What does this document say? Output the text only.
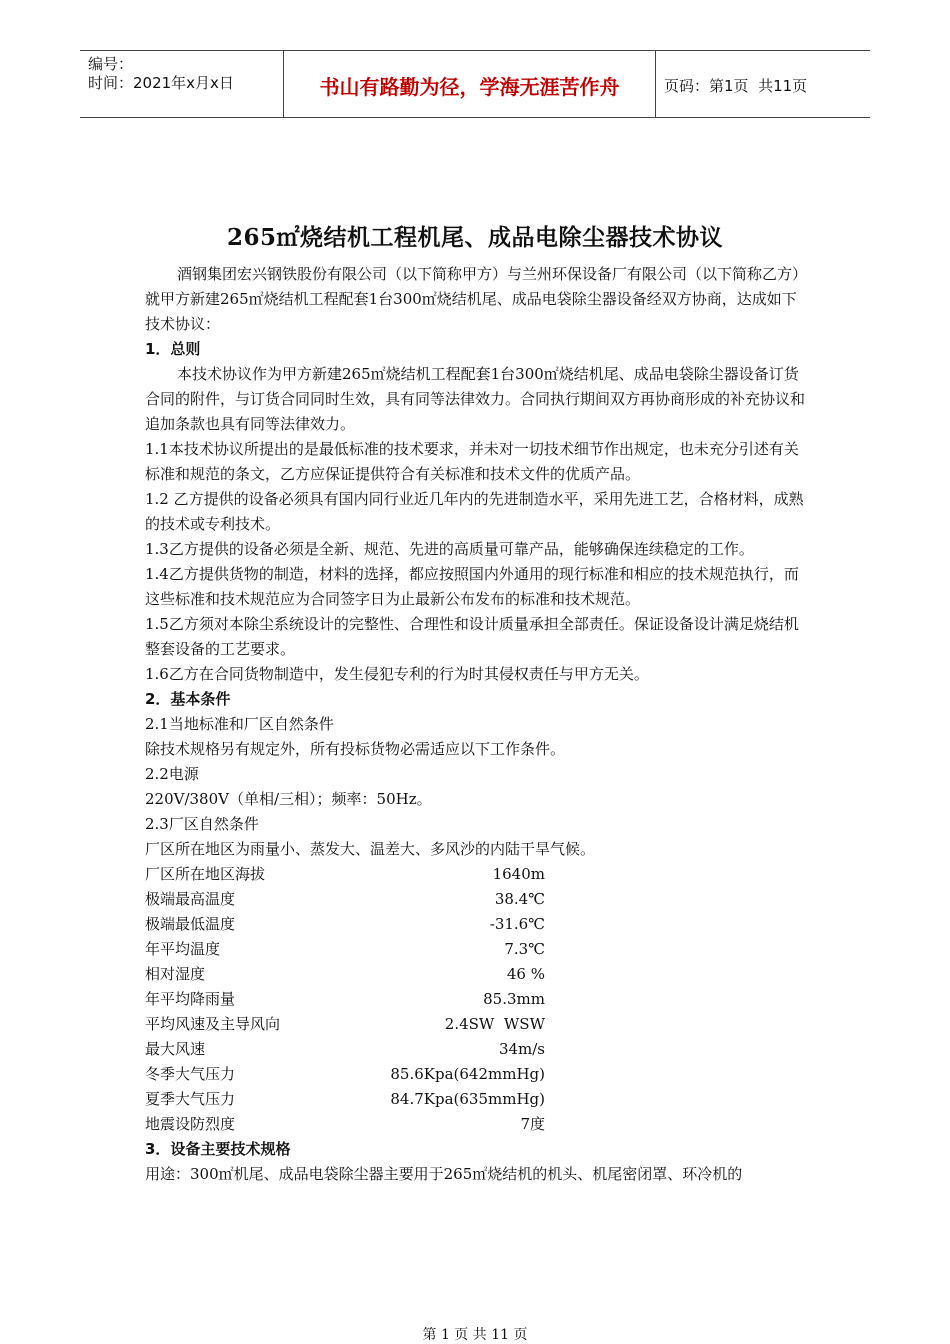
编号：
时间：2021年x月x日	书山有路勤为径，学海无涯苦作舟	页码：第1页  共11页
265㎡烧结机工程机尾、成品电除尘器技术协议

酒钢集团宏兴钢铁股份有限公司（以下简称甲方）与兰州环保设备厂有限公司（以下简称乙方）就甲方新建265㎡烧结机工程配套1台300㎡烧结机尾、成品电袋除尘器设备经双方协商，达成如下技术协议：

1．总则

本技术协议作为甲方新建265㎡烧结机工程配套1台300㎡烧结机尾、成品电袋除尘器设备订货合同的附件，与订货合同同时生效，具有同等法律效力。合同执行期间双方再协商形成的补充协议和追加条款也具有同等法律效力。

1.1本技术协议所提出的是最低标准的技术要求，并未对一切技术细节作出规定，也未充分引述有关标准和规范的条文，乙方应保证提供符合有关标准和技术文件的优质产品。

1.2 乙方提供的设备必须具有国内同行业近几年内的先进制造水平，采用先进工艺，合格材料，成熟的技术或专利技术。

1.3乙方提供的设备必须是全新、规范、先进的高质量可靠产品，能够确保连续稳定的工作。

1.4乙方提供货物的制造，材料的选择，都应按照国内外通用的现行标准和相应的技术规范执行，而这些标准和技术规范应为合同签字日为止最新公布发布的标准和技术规范。

1.5乙方须对本除尘系统设计的完整性、合理性和设计质量承担全部责任。保证设备设计满足烧结机整套设备的工艺要求。

1.6乙方在合同货物制造中，发生侵犯专利的行为时其侵权责任与甲方无关。

2．基本条件

2.1当地标准和厂区自然条件

除技术规格另有规定外，所有投标货物必需适应以下工作条件。

2.2电源

220V/380V（单相/三相）；频率：50Hz。

2.3厂区自然条件

厂区所在地区为雨量小、蒸发大、温差大、多风沙的内陆干旱气候。

厂区所在地区海拔	1640m
极端最高温度	38.4℃
极端最低温度	-31.6℃
年平均温度	7.3℃
相对湿度	46 %
年平均降雨量	85.3mm
平均风速及主导风向	2.4SW  WSW
最大风速	34m/s
冬季大气压力	85.6Kpa(642mmHg)
夏季大气压力	84.7Kpa(635mmHg)
地震设防烈度	7度

3．设备主要技术规格

用途：300㎡机尾、成品电袋除尘器主要用于265㎡烧结机的机头、机尾密闭罩、环冷机的

第 1 页 共 11 页
